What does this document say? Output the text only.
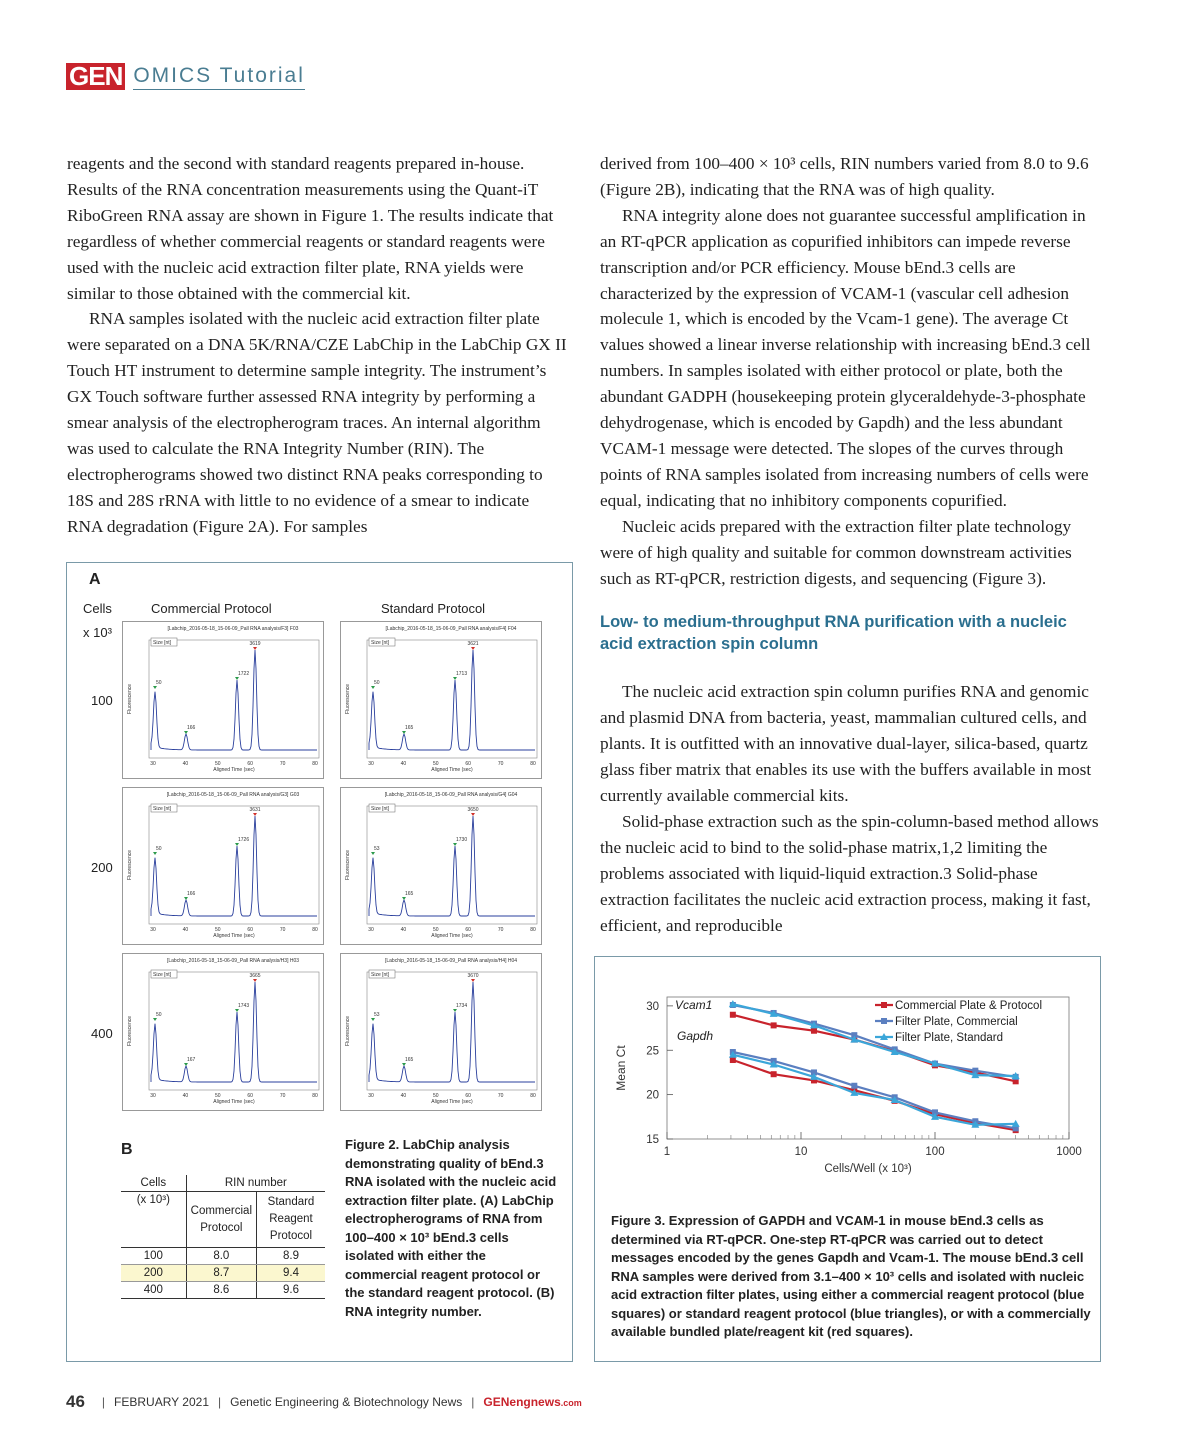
GEN OMICS Tutorial

reagents and the second with standard reagents prepared in-house. Results of the RNA concentration measurements using the Quant-iT RiboGreen RNA assay are shown in Figure 1. The results indicate that regardless of whether commercial reagents or standard reagents were used with the nucleic acid extraction filter plate, RNA yields were similar to those obtained with the commercial kit.

RNA samples isolated with the nucleic acid extraction filter plate were separated on a DNA 5K/RNA/CZE LabChip in the LabChip GX II Touch HT instrument to determine sample integrity. The instrument’s GX Touch software further assessed RNA integrity by performing a smear analysis of the electropherogram traces. An internal algorithm was used to calculate the RNA Integrity Number (RIN). The electropherograms showed two distinct RNA peaks corresponding to 18S and 28S rRNA with little to no evidence of a smear to indicate RNA degradation (Figure 2A). For samples

derived from 100–400 × 10³ cells, RIN numbers varied from 8.0 to 9.6 (Figure 2B), indicating that the RNA was of high quality.

RNA integrity alone does not guarantee successful amplification in an RT-qPCR application as copurified inhibitors can impede reverse transcription and/or PCR efficiency. Mouse bEnd.3 cells are characterized by the expression of VCAM-1 (vascular cell adhesion molecule 1, which is encoded by the Vcam-1 gene). The average Ct values showed a linear inverse relationship with increasing bEnd.3 cell numbers. In samples isolated with either protocol or plate, both the abundant GADPH (housekeeping protein glyceraldehyde-3-phosphate dehydrogenase, which is encoded by Gapdh) and the less abundant VCAM-1 message were detected. The slopes of the curves through points of RNA samples isolated from increasing numbers of cells were equal, indicating that no inhibitory components copurified.

Nucleic acids prepared with the extraction filter plate technology were of high quality and suitable for common downstream activities such as RT-qPCR, restriction digests, and sequencing (Figure 3).

Low- to medium-throughput RNA purification with a nucleic acid extraction spin column

The nucleic acid extraction spin column purifies RNA and genomic and plasmid DNA from bacteria, yeast, mammalian cultured cells, and plants. It is outfitted with an innovative dual-layer, silica-based, quartz glass fiber matrix that enables its use with the buffers available in most currently available commercial kits.

Solid-phase extraction such as the spin-column-based method allows the nucleic acid to bind to the solid-phase matrix,1,2 limiting the problems associated with liquid-liquid extraction.3 Solid-phase extraction facilitates the nucleic acid extraction process, making it fast, efficient, and reproducible

A
Cells
x 10³
Commercial Protocol	Standard Protocol
100
200
400
[Labchip_2016-05-18_15-06-09_Pall RNA analysis/F3] F03
Size [nt]
30	40	50	60	70	80
Aligned Time (sec)
Fluorescence
50
166
1722
3619
[Labchip_2016-05-18_15-06-09_Pall RNA analysis/F4] F04
Size [nt]
30	40	50	60	70	80
Aligned Time (sec)
Fluorescence
50
165
1713
3621
[Labchip_2016-05-18_15-06-09_Pall RNA analysis/G3] G03
Size [nt]
30	40	50	60	70	80
Aligned Time (sec)
Fluorescence
50
166
1726
3631
[Labchip_2016-05-18_15-06-09_Pall RNA analysis/G4] G04
Size [nt]
30	40	50	60	70	80
Aligned Time (sec)
Fluorescence
53
165
1730
3650
[Labchip_2016-05-18_15-06-09_Pall RNA analysis/H3] H03
Size [nt]
30	40	50	60	70	80
Aligned Time (sec)
Fluorescence
50
167
1743
3665
[Labchip_2016-05-18_15-06-09_Pall RNA analysis/H4] H04
Size [nt]
30	40	50	60	70	80
Aligned Time (sec)
Fluorescence
53
165
1734
3670
B
Cells	RIN number	
(x 10³)	Commercial Protocol	Standard Reagent Protocol
100	8.0	8.9
200	8.7	9.4
400	8.6	9.6
Figure 2. LabChip analysis demonstrating quality of bEnd.3 RNA isolated with the nucleic acid extraction filter plate. (A) LabChip electropherograms of RNA from 100–400 × 10³ bEnd.3 cells isolated with either the commercial reagent protocol or the standard reagent protocol. (B) RNA integrity number.
1	10	100	1000
15
20
25
30
Cells/Well (x 10³)
Mean Ct
Vcam1
Gapdh
Commercial Plate & Protocol
Filter Plate, Commercial
Filter Plate, Standard
Figure 3. Expression of GAPDH and VCAM-1 in mouse bEnd.3 cells as determined via RT-qPCR. One-step RT-qPCR was carried out to detect messages encoded by the genes Gapdh and Vcam-1. The mouse bEnd.3 cell RNA samples were derived from 3.1–400 × 10³ cells and isolated with nucleic acid extraction filter plates, using either a commercial reagent protocol (blue squares) or standard reagent protocol (blue triangles), or with a commercially available bundled plate/reagent kit (red squares).
46 | FEBRUARY 2021 | Genetic Engineering & Biotechnology News | GENengnews.com
